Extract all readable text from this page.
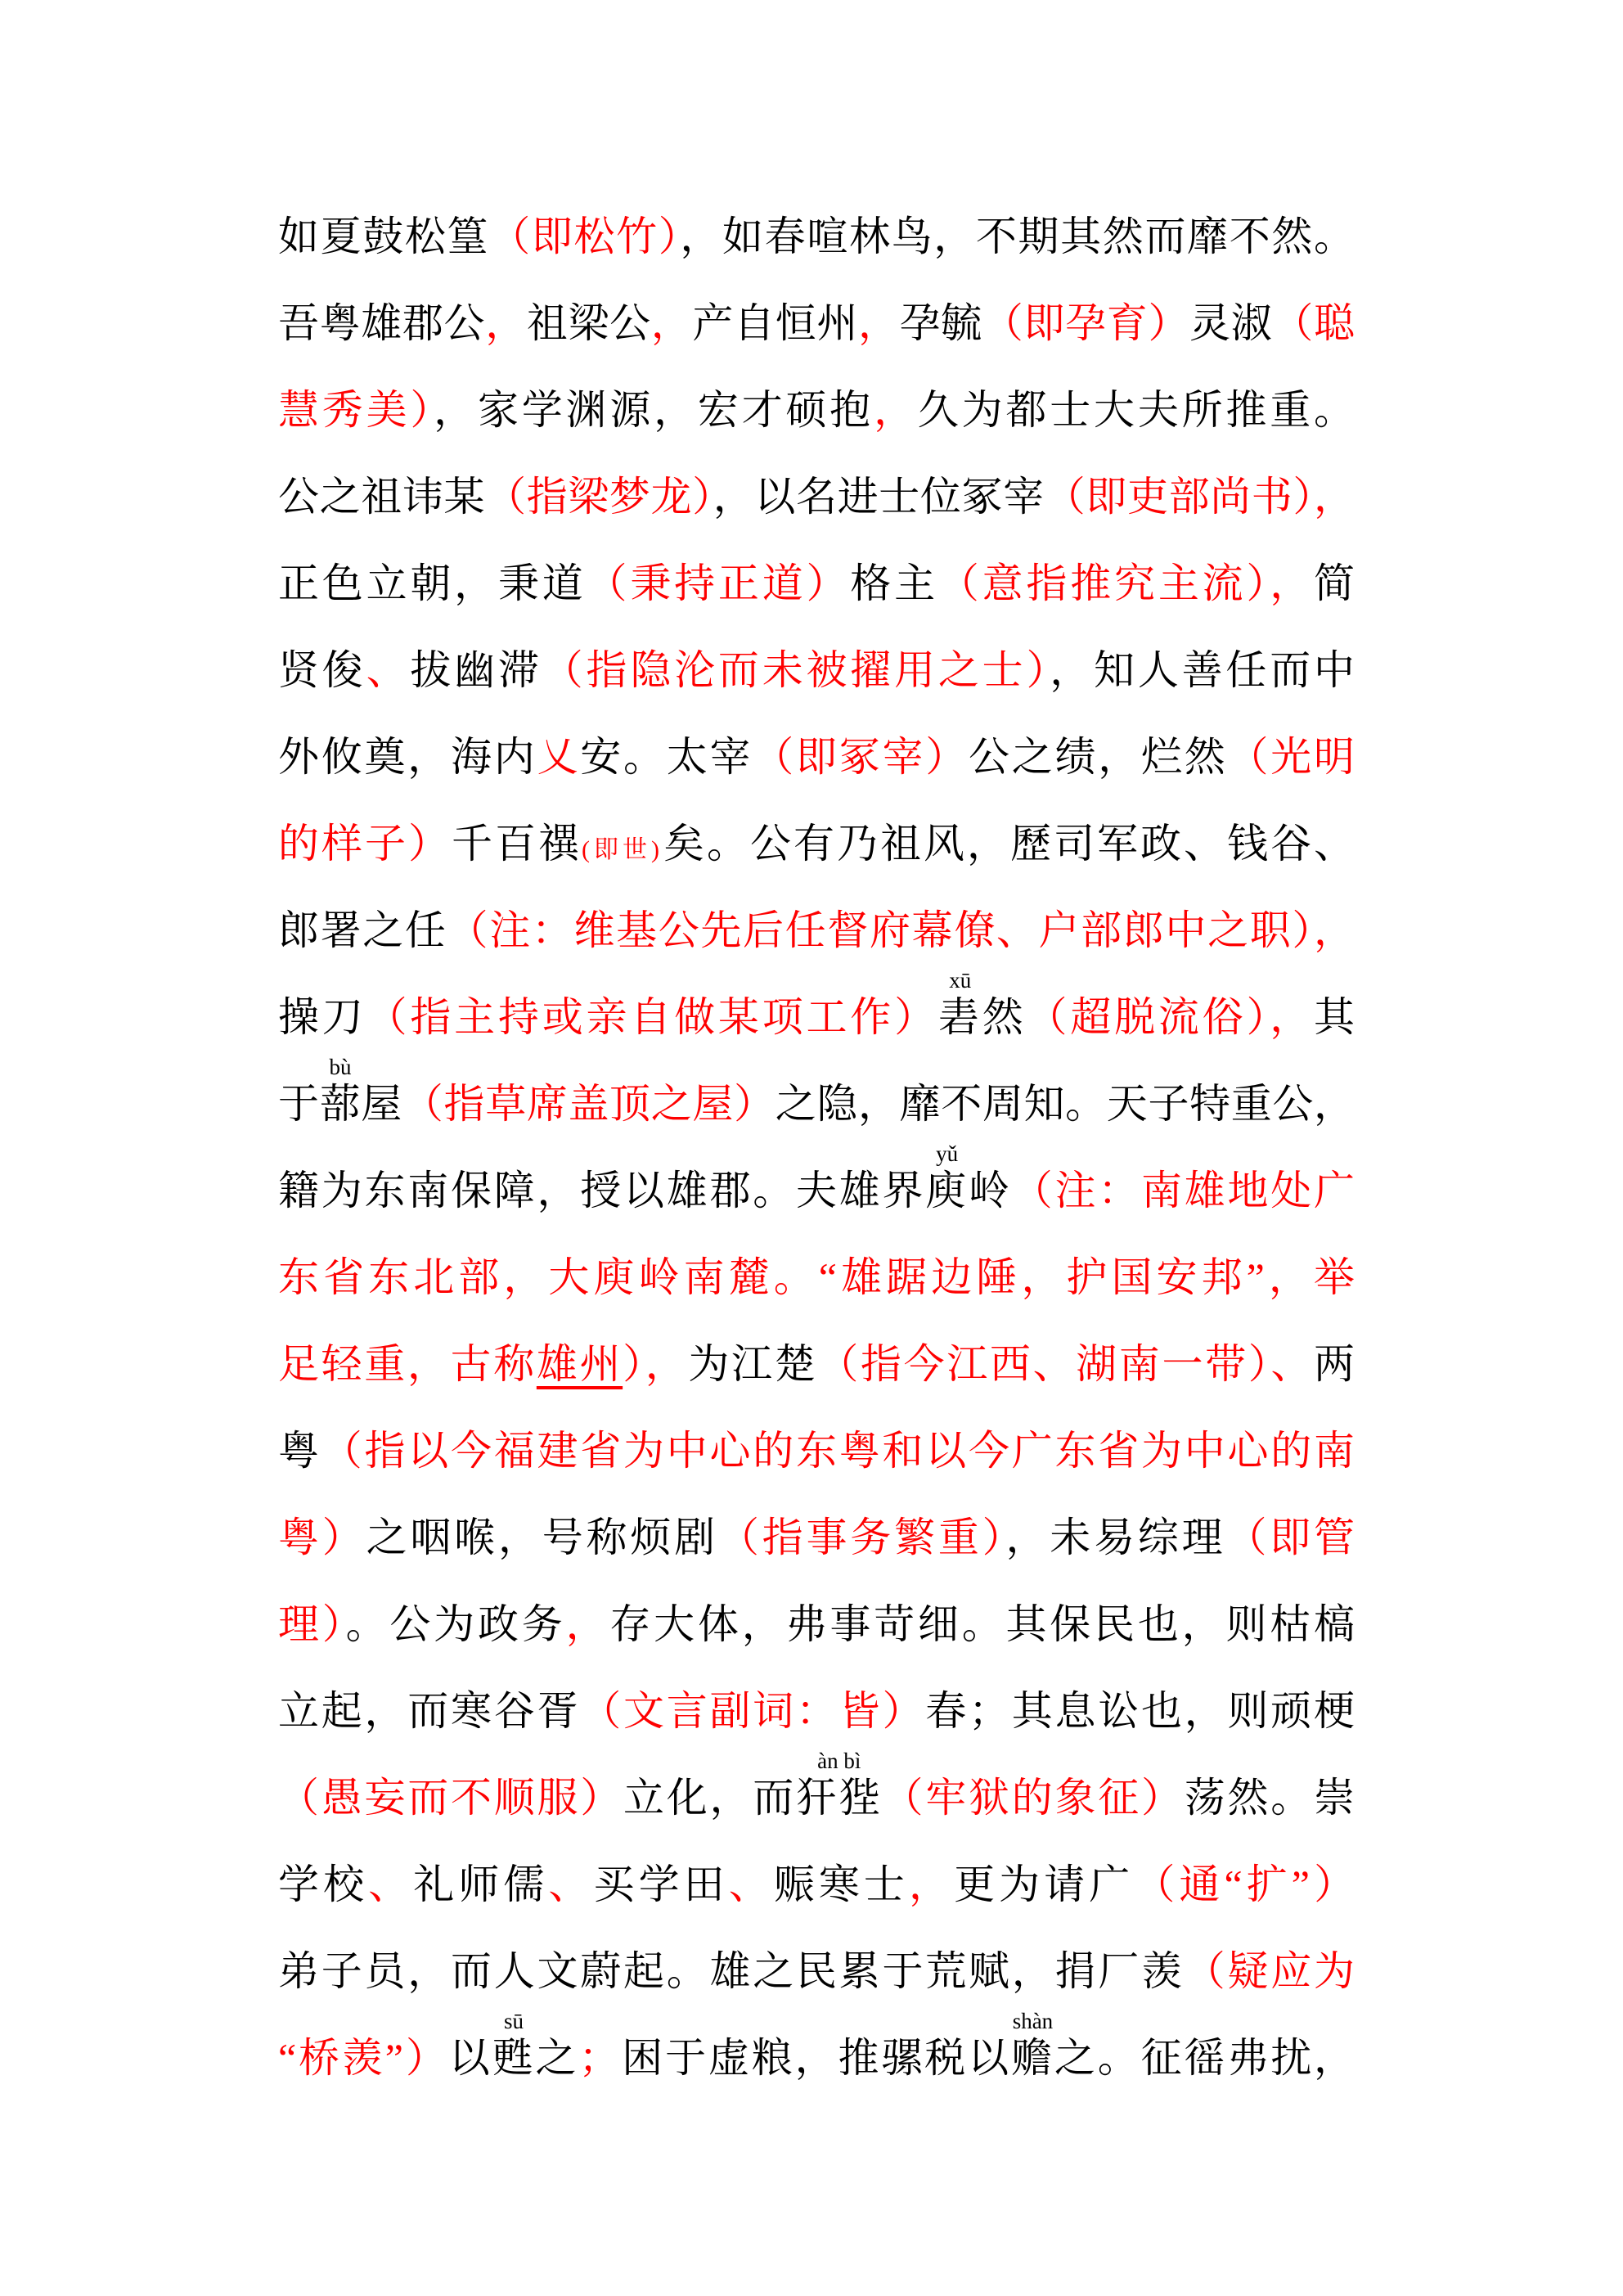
如夏鼓松篁（即松竹），如春喧林鸟，不期其然而靡不然。
吾粤雄郡公，祖梁公，产自恒州，孕毓（即孕育）灵淑（聪
慧秀美），家学渊源，宏才硕抱，久为都士大夫所推重。
公之祖讳某（指梁梦龙），以名进士位冢宰（即吏部尚书），
正色立朝，秉道（秉持正道）格主（意指推究主流），简
贤俊、拔幽滞（指隐沦而未被擢用之士），知人善任而中
外攸奠，海内乂安。太宰（即冢宰）公之绩，烂然（光明
的样子）千百禩(即世)矣。公有乃祖风，歷司军政、钱谷、
郎署之任（注：维基公先后任督府幕僚、户部郎中之职），
操刀（指主持或亲自做某项工作）砉
xū
然（超脱流俗），其
于蔀
bù
屋（指草席盖顶之屋）之隐，靡不周知。天子特重公，
籍为东南保障，授以雄郡。夫雄界庾
yǔ
岭（注：南雄地处广
东省东北部，大庾岭南麓。“雄踞边陲，护国安邦”，举
足轻重，古称雄州），为江楚（指今江西、湖南一带）、两
粤（指以今福建省为中心的东粤和以今广东省为中心的南
粤）之咽喉，号称烦剧（指事务繁重），未易综理（即管
理）。公为政务，存大体，弗事苛细。其保民也，则枯槁
立起，而寒谷胥（文言副词：皆）春；其息讼也，则顽梗
（愚妄而不顺服）立化，而犴狴
àn bì
（牢狱的象征）荡然。崇
学校、礼师儒、买学田、赈寒士，更为请广（通“扩”）
弟子员，而人文蔚起。雄之民累于荒赋，捐厂羡（疑应为
“桥羡”）以甦
sū
之；困于虚粮，推骡税以赡
shàn
之。征徭弗扰，
